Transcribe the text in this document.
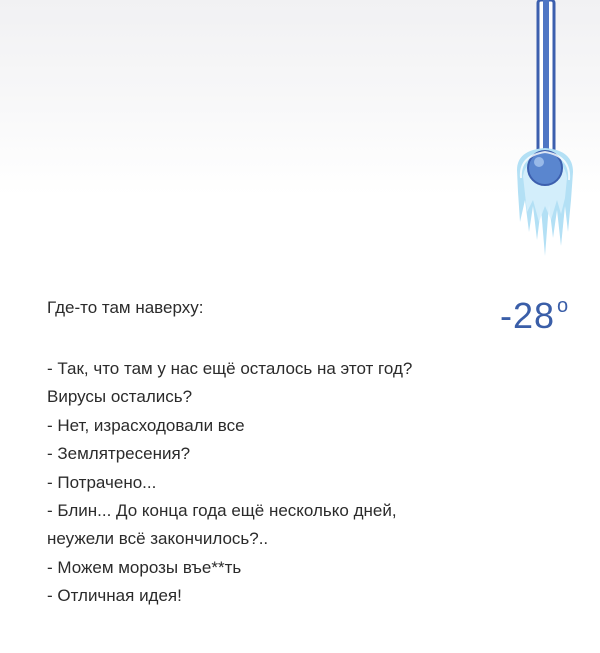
-28 $^o$
Где-то там наверху:
- Так, что там у нас ещё осталось на этот год?
Вирусы остались?
- Нет, израсходовали все
- Землятресения?
- Потрачено...
- Блин... До конца года ещё несколько дней,
неужели всё закончилось?..
- Можем морозы въе**ть
- Отличная идея!
